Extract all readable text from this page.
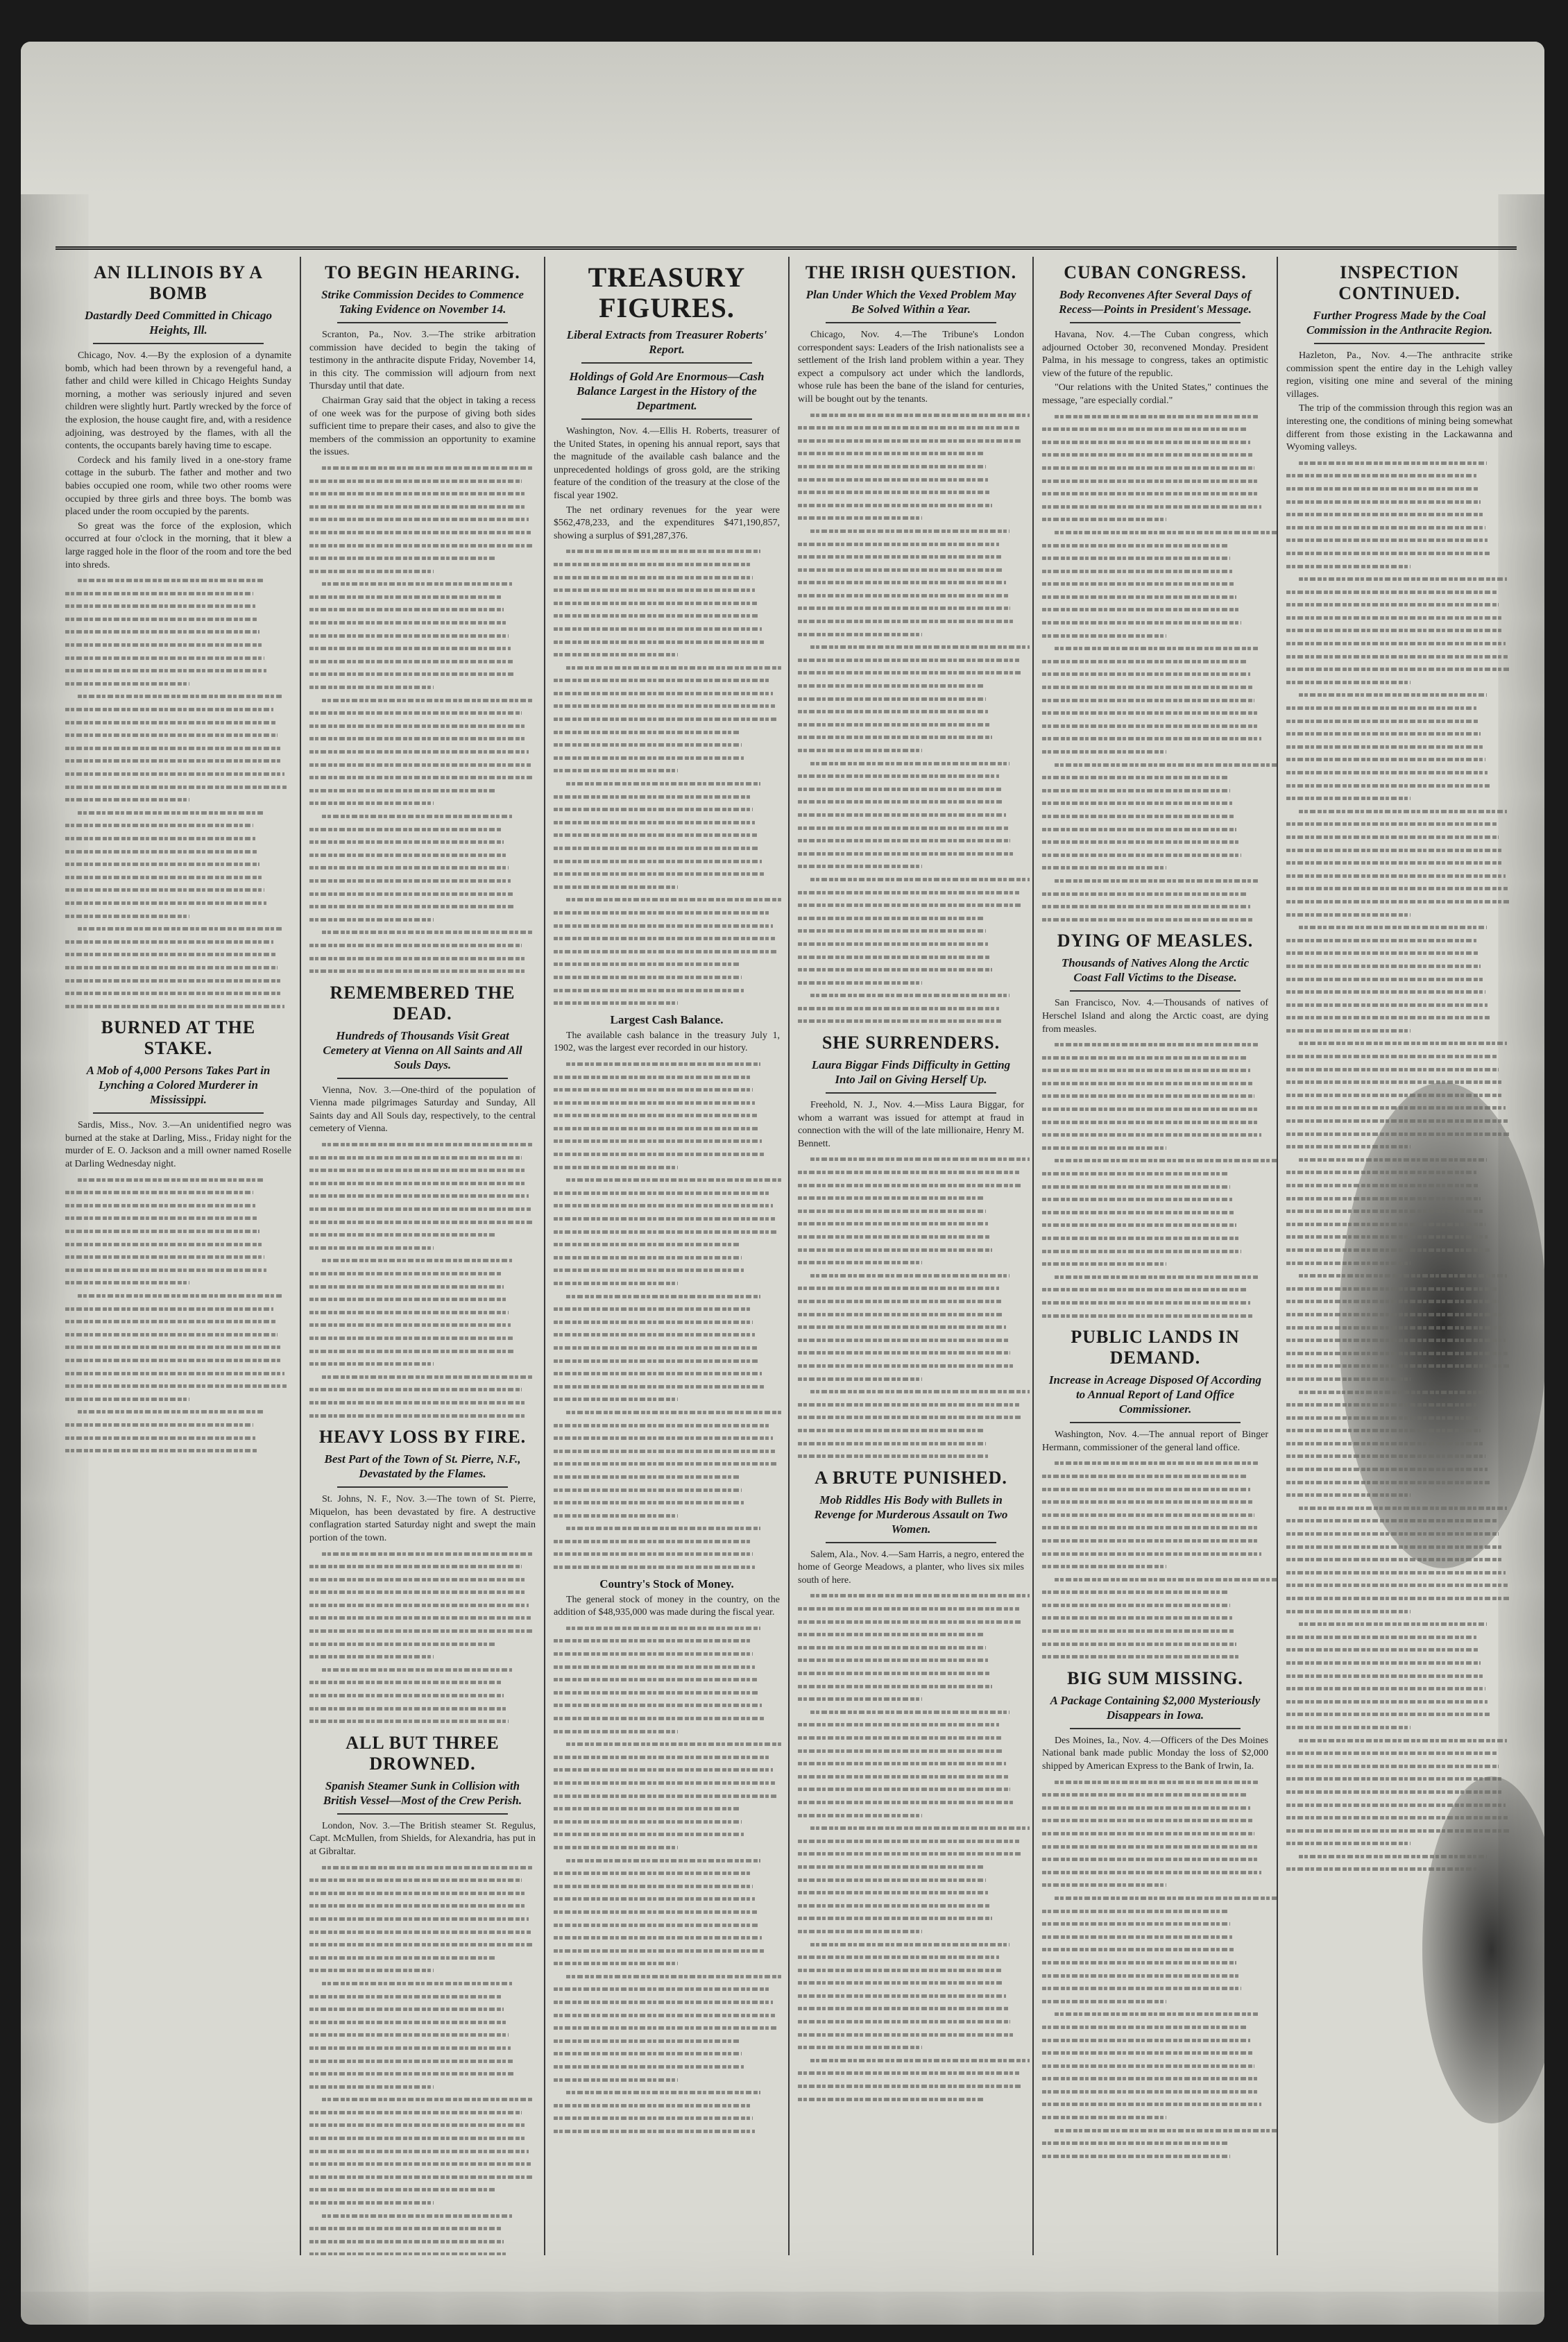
AN ILLINOIS BY A BOMB
Dastardly Deed Committed in Chicago Heights, Ill.

Chicago, Nov. 4.—By the explosion of a dynamite bomb, which had been thrown by a revengeful hand, a father and child were killed in Chicago Heights Sunday morning, a mother was seriously injured and seven children were slightly hurt. Partly wrecked by the force of the explosion, the house caught fire, and, with a residence adjoining, was destroyed by the flames, with all the contents, the occupants barely having time to escape.

Cordeck and his family lived in a one-story frame cottage in the suburb. The father and mother and two babies occupied one room, while two other rooms were occupied by three girls and three boys. The bomb was placed under the room occupied by the parents.

So great was the force of the explosion, which occurred at four o'clock in the morning, that it blew a large ragged hole in the floor of the room and tore the bed into shreds.

BURNED AT THE STAKE.
A Mob of 4,000 Persons Takes Part in Lynching a Colored Murderer in Mississippi.

Sardis, Miss., Nov. 3.—An unidentified negro was burned at the stake at Darling, Miss., Friday night for the murder of E. O. Jackson and a mill owner named Roselle at Darling Wednesday night.

TO BEGIN HEARING.
Strike Commission Decides to Commence Taking Evidence on November 14.

Scranton, Pa., Nov. 3.—The strike arbitration commission have decided to begin the taking of testimony in the anthracite dispute Friday, November 14, in this city. The commission will adjourn from next Thursday until that date.

Chairman Gray said that the object in taking a recess of one week was for the purpose of giving both sides sufficient time to prepare their cases, and also to give the members of the commission an opportunity to examine the issues.

REMEMBERED THE DEAD.
Hundreds of Thousands Visit Great Cemetery at Vienna on All Saints and All Souls Days.

Vienna, Nov. 3.—One-third of the population of Vienna made pilgrimages Saturday and Sunday, All Saints day and All Souls day, respectively, to the central cemetery of Vienna.

HEAVY LOSS BY FIRE.
Best Part of the Town of St. Pierre, N.F., Devastated by the Flames.

St. Johns, N. F., Nov. 3.—The town of St. Pierre, Miquelon, has been devastated by fire. A destructive conflagration started Saturday night and swept the main portion of the town.

ALL BUT THREE DROWNED.
Spanish Steamer Sunk in Collision with British Vessel—Most of the Crew Perish.

London, Nov. 3.—The British steamer St. Regulus, Capt. McMullen, from Shields, for Alexandria, has put in at Gibraltar.

TREASURY FIGURES.
Liberal Extracts from Treasurer Roberts' Report.
Holdings of Gold Are Enormous—Cash Balance Largest in the History of the Department.

Washington, Nov. 4.—Ellis H. Roberts, treasurer of the United States, in opening his annual report, says that the magnitude of the available cash balance and the unprecedented holdings of gross gold, are the striking feature of the condition of the treasury at the close of the fiscal year 1902.

The net ordinary revenues for the year were $562,478,233, and the expenditures $471,190,857, showing a surplus of $91,287,376.

Largest Cash Balance.

The available cash balance in the treasury July 1, 1902, was the largest ever recorded in our history.

Country's Stock of Money.

The general stock of money in the country, on the addition of $48,935,000 was made during the fiscal year.

THE IRISH QUESTION.
Plan Under Which the Vexed Problem May Be Solved Within a Year.

Chicago, Nov. 4.—The Tribune's London correspondent says: Leaders of the Irish nationalists see a settlement of the Irish land problem within a year. They expect a compulsory act under which the landlords, whose rule has been the bane of the island for centuries, will be bought out by the tenants.

SHE SURRENDERS.
Laura Biggar Finds Difficulty in Getting Into Jail on Giving Herself Up.

Freehold, N. J., Nov. 4.—Miss Laura Biggar, for whom a warrant was issued for attempt at fraud in connection with the will of the late millionaire, Henry M. Bennett.

A BRUTE PUNISHED.
Mob Riddles His Body with Bullets in Revenge for Murderous Assault on Two Women.

Salem, Ala., Nov. 4.—Sam Harris, a negro, entered the home of George Meadows, a planter, who lives six miles south of here.

CUBAN CONGRESS.
Body Reconvenes After Several Days of Recess—Points in President's Message.

Havana, Nov. 4.—The Cuban congress, which adjourned October 30, reconvened Monday. President Palma, in his message to congress, takes an optimistic view of the future of the republic.

"Our relations with the United States," continues the message, "are especially cordial."

DYING OF MEASLES.
Thousands of Natives Along the Arctic Coast Fall Victims to the Disease.

San Francisco, Nov. 4.—Thousands of natives of Herschel Island and along the Arctic coast, are dying from measles.

PUBLIC LANDS IN DEMAND.
Increase in Acreage Disposed Of According to Annual Report of Land Office Commissioner.

Washington, Nov. 4.—The annual report of Binger Hermann, commissioner of the general land office.

BIG SUM MISSING.
A Package Containing $2,000 Mysteriously Disappears in Iowa.

Des Moines, Ia., Nov. 4.—Officers of the Des Moines National bank made public Monday the loss of $2,000 shipped by American Express to the Bank of Irwin, Ia.

INSPECTION CONTINUED.
Further Progress Made by the Coal Commission in the Anthracite Region.

Hazleton, Pa., Nov. 4.—The anthracite strike commission spent the entire day in the Lehigh valley region, visiting one mine and several of the mining villages.

The trip of the commission through this region was an interesting one, the conditions of mining being somewhat different from those existing in the Lackawanna and Wyoming valleys.
